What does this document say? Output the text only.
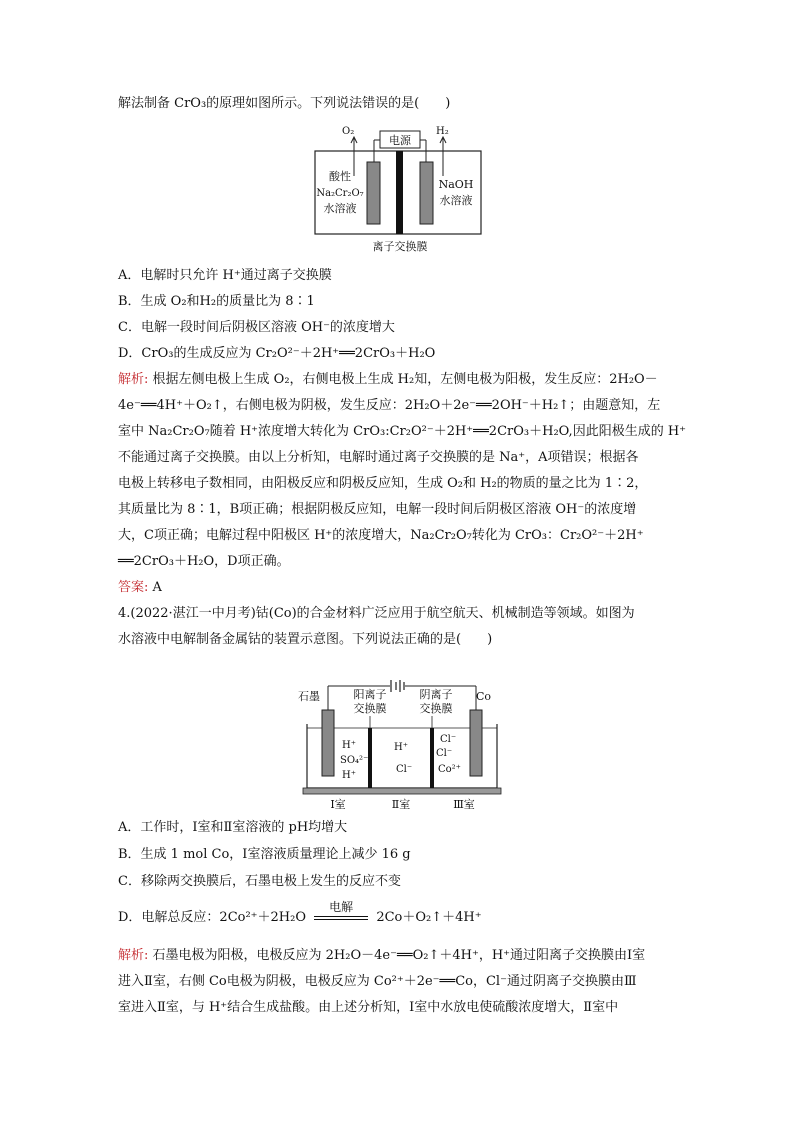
解法制备 CrO₃的原理如图所示。下列说法错误的是(　　)
O₂	H₂
电源
酸性
Na₂Cr₂O₇
水溶液
NaOH
水溶液
离子交换膜
A．电解时只允许 H⁺通过离子交换膜
B．生成 O₂和H₂的质量比为 8∶1
C．电解一段时间后阴极区溶液 OH⁻的浓度增大
D．CrO₃的生成反应为 Cr₂O²⁻＋2H⁺══2CrO₃＋H₂O
解析: 根据左侧电极上生成 O₂，右侧电极上生成 H₂知，左侧电极为阳极，发生反应：2H₂O－
4e⁻══4H⁺＋O₂↑，右侧电极为阴极，发生反应：2H₂O＋2e⁻══2OH⁻＋H₂↑；由题意知，左
室中 Na₂Cr₂O₇随着 H⁺浓度增大转化为 CrO₃:Cr₂O²⁻＋2H⁺══2CrO₃＋H₂O,因此阳极生成的 H⁺
不能通过离子交换膜。由以上分析知，电解时通过离子交换膜的是 Na⁺，A项错误；根据各
电极上转移电子数相同，由阳极反应和阴极反应知，生成 O₂和 H₂的物质的量之比为 1∶2，
其质量比为 8∶1，B项正确；根据阴极反应知，电解一段时间后阴极区溶液 OH⁻的浓度增
大，C项正确；电解过程中阳极区 H⁺的浓度增大，Na₂Cr₂O₇转化为 CrO₃：Cr₂O²⁻＋2H⁺
══2CrO₃＋H₂O，D项正确。
答案: A
4.(2022·湛江一中月考)钴(Co)的合金材料广泛应用于航空航天、机械制造等领域。如图为
水溶液中电解制备金属钴的装置示意图。下列说法正确的是(　　)
石墨	阳离子
交换膜
阴离子
交换膜
Co
H⁺
SO₄²⁻
H⁺
H⁺
Cl⁻
Cl⁻
Cl⁻
Co²⁺
Ⅰ室	Ⅱ室	Ⅲ室
A．工作时，Ⅰ室和Ⅱ室溶液的 pH均增大
B．生成 1 mol Co，Ⅰ室溶液质量理论上减少 16 g
C．移除两交换膜后，石墨电极上发生的反应不变
D．电解总反应：2Co²⁺＋2H₂O
电解
2Co＋O₂↑＋4H⁺
解析: 石墨电极为阳极，电极反应为 2H₂O－4e⁻══O₂↑＋4H⁺，H⁺通过阳离子交换膜由Ⅰ室
进入Ⅱ室，右侧 Co电极为阴极，电极反应为 Co²⁺＋2e⁻══Co，Cl⁻通过阴离子交换膜由Ⅲ
室进入Ⅱ室，与 H⁺结合生成盐酸。由上述分析知，Ⅰ室中水放电使硫酸浓度增大，Ⅱ室中
